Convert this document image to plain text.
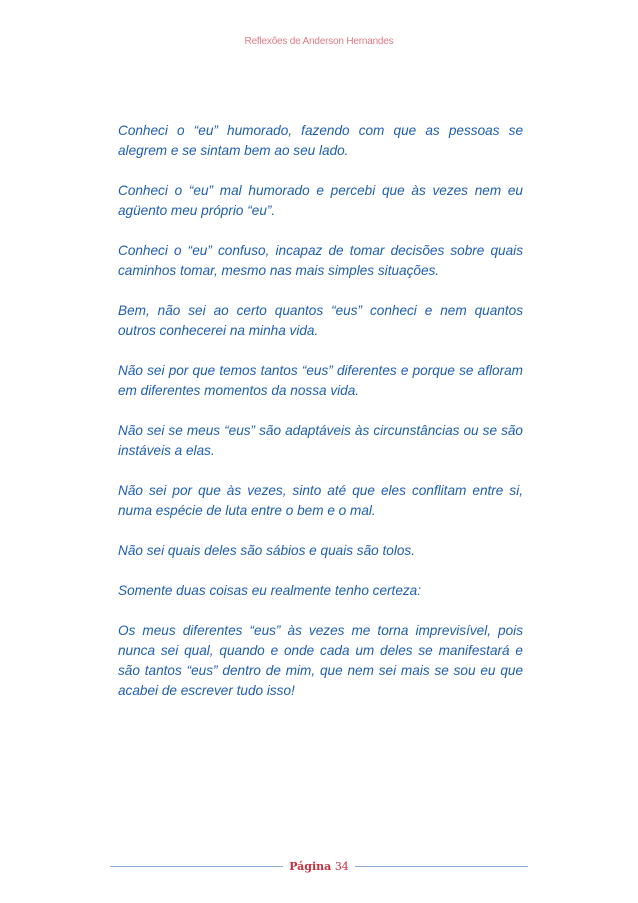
Reflexões de Anderson Hernandes

Conheci o “eu” humorado, fazendo com que as pessoas se alegrem e se sintam bem ao seu lado.

Conheci o “eu” mal humorado e percebi que às vezes nem eu agüento meu próprio “eu”.

Conheci o “eu” confuso, incapaz de tomar decisões sobre quais caminhos tomar, mesmo nas mais simples situações.

Bem, não sei ao certo quantos “eus” conheci e nem quantos outros conhecerei na minha vida.

Não sei por que temos tantos “eus” diferentes e porque se afloram em diferentes momentos da nossa vida.

Não sei se meus “eus” são adaptáveis às circunstâncias ou se são instáveis a elas.

Não sei por que às vezes, sinto até que eles conflitam entre si, numa espécie de luta entre o bem e o mal.

Não sei quais deles são sábios e quais são tolos.

Somente duas coisas eu realmente tenho certeza:

Os meus diferentes “eus” às vezes me torna imprevisível, pois nunca sei qual, quando e onde cada um deles se manifestará e são tantos “eus” dentro de mim, que nem sei mais se sou eu que acabei de escrever tudo isso!

Página 34
